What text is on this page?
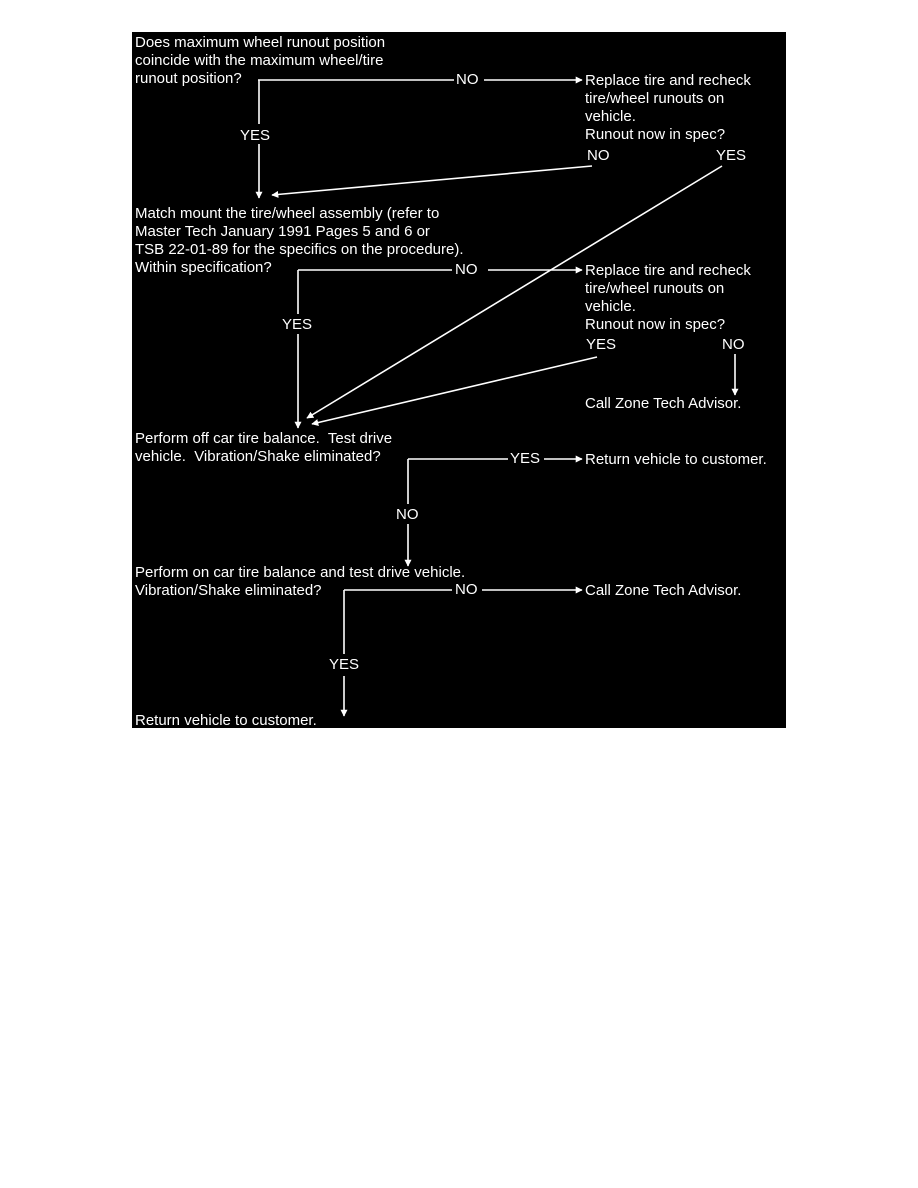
Does maximum wheel runout position
coincide with the maximum wheel/tire
runout position?	Replace tire and recheck
tire/wheel runouts on
vehicle.
Runout now in spec?

Match mount the tire/wheel assembly (refer to
Master Tech January 1991 Pages 5 and 6 or
TSB 22-01-89 for the specifics on the procedure).
Within specification?	Replace tire and recheck
tire/wheel runouts on
vehicle.
Runout now in spec?

Call Zone Tech Advisor.

Perform off car tire balance.  Test drive
vehicle.  Vibration/Shake eliminated?	Return vehicle to customer.

Perform on car tire balance and test drive vehicle.
Vibration/Shake eliminated?	Call Zone Tech Advisor.

Return vehicle to customer.

NO
YES
NO	YES
NO
YES
YES	NO
YES
NO
NO
YES
